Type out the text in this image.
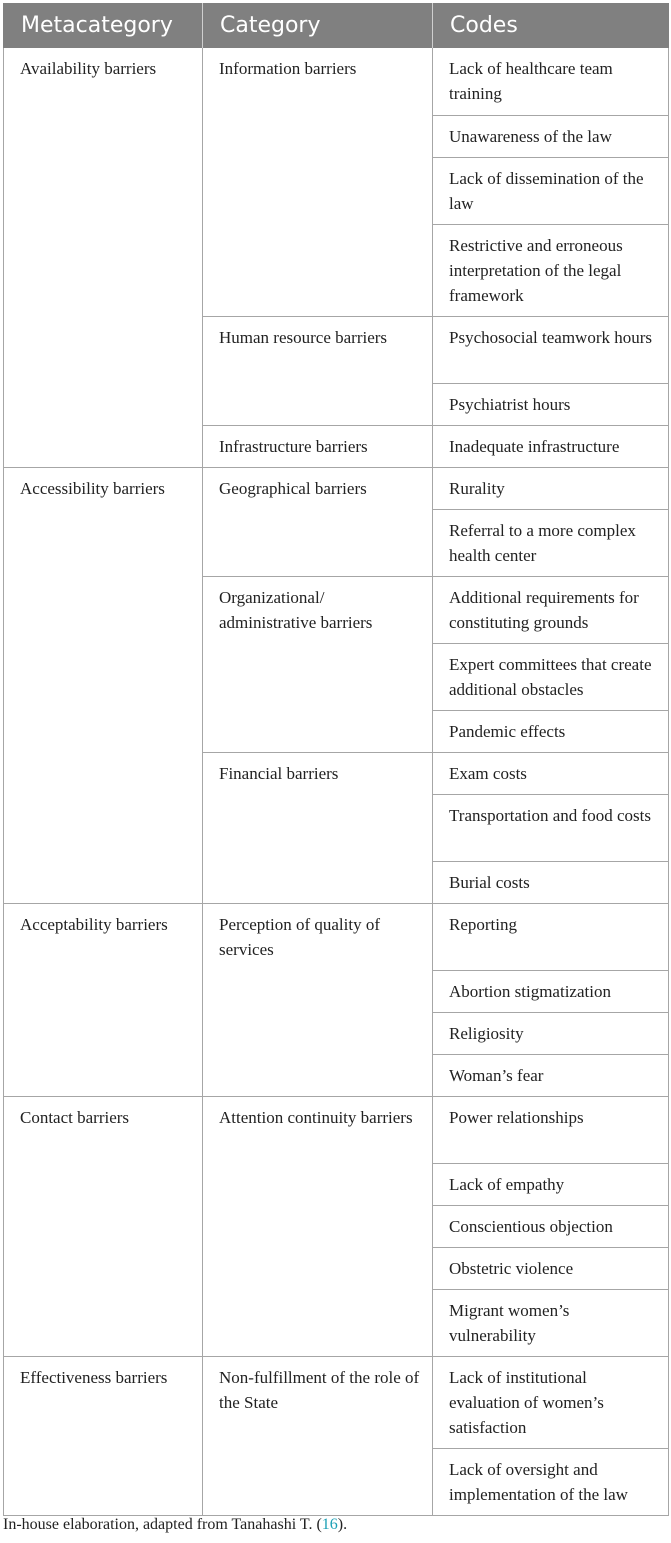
Metacategory	Category	Codes
Availability barriers	Information barriers	Lack of healthcare team training
		Unawareness of the law
		Lack of dissemination of the law
		Restrictive and erroneous interpretation of the legal framework
	Human resource barriers	Psychosocial teamwork hours
		Psychiatrist hours
	Infrastructure barriers	Inadequate infrastructure
Accessibility barriers	Geographical barriers	Rurality
		Referral to a more complex health center
	Organizational/ administrative barriers	Additional requirements for constituting grounds
		Expert committees that create additional obstacles
		Pandemic effects
	Financial barriers	Exam costs
		Transportation and food costs
		Burial costs
Acceptability barriers	Perception of quality of services	Reporting
		Abortion stigmatization
		Religiosity
		Woman’s fear
Contact barriers	Attention continuity barriers	Power relationships
		Lack of empathy
		Conscientious objection
		Obstetric violence
		Migrant women’s vulnerability
Effectiveness barriers	Non-fulfillment of the role of the State	Lack of institutional evaluation of women’s satisfaction
		Lack of oversight and implementation of the law
In-house elaboration, adapted from Tanahashi T. (16).
